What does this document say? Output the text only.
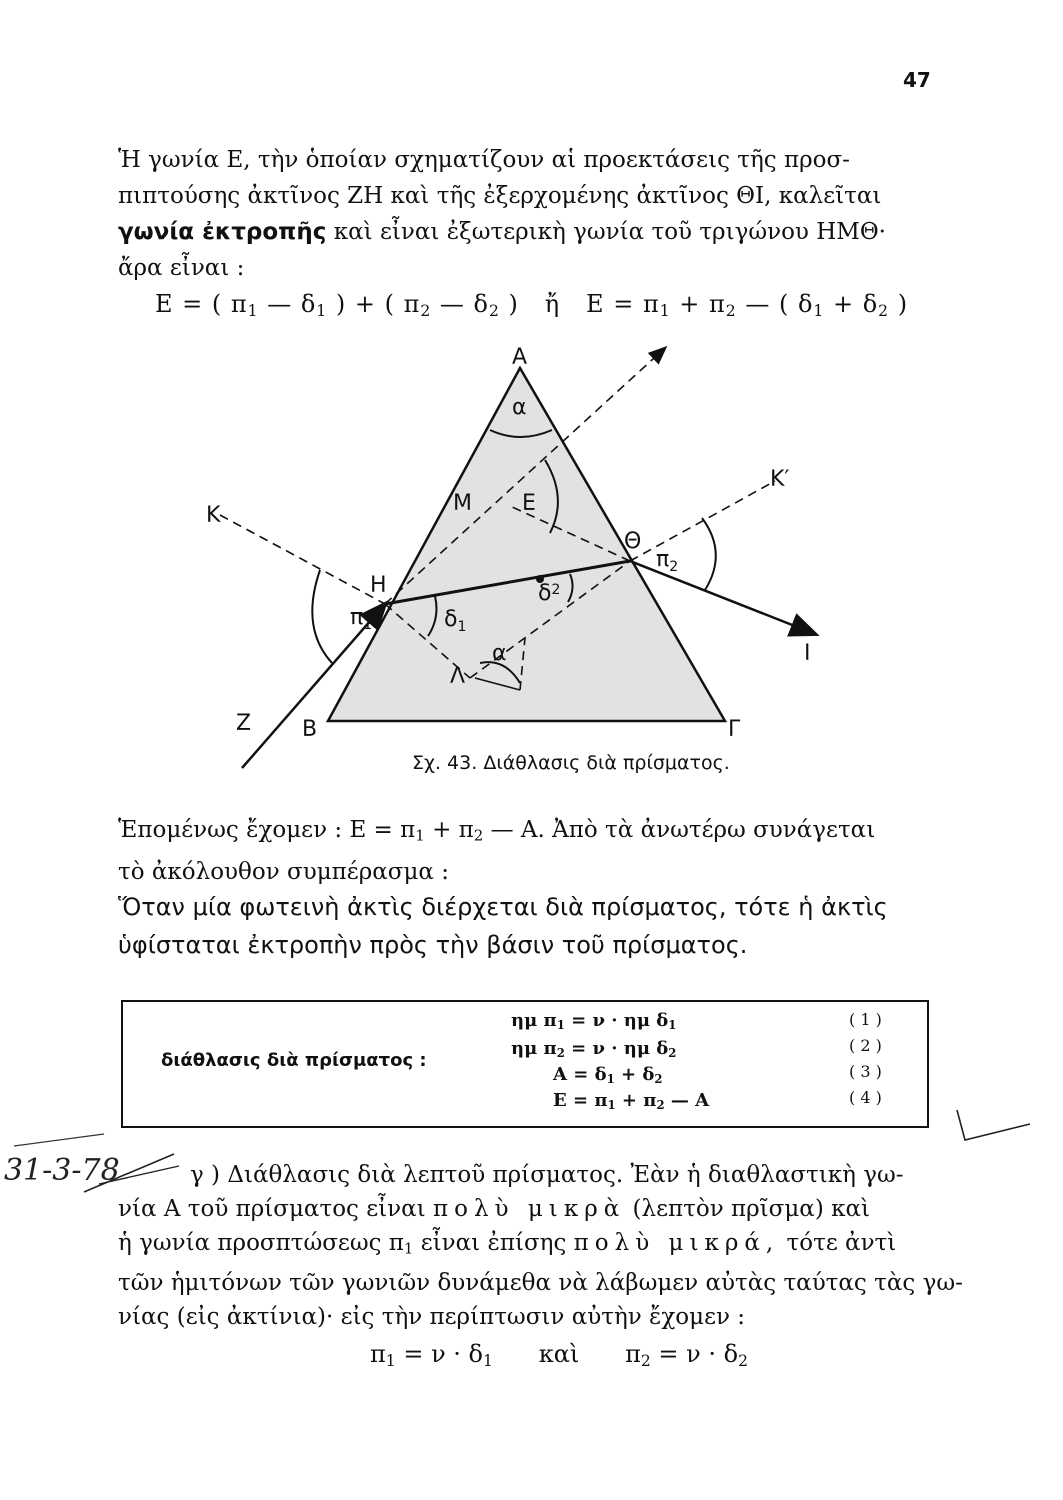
47

Ἡ γωνία Ε, τὴν ὁποίαν σχηματίζουν αἱ προεκτάσεις τῆς προσ-
πιπτούσης ἀκτῖνος ΖΗ καὶ τῆς ἐξερχομένης ἀκτῖνος ΘΙ, καλεῖται
γωνία ἐκτροπῆς καὶ εἶναι ἐξωτερικὴ γωνία τοῦ τριγώνου ΗΜΘ·
ἄρα εἶναι :

Ε = ( $\pi_1$ — $\delta_1$ ) + ( $\pi_2$ — $\delta_2$ )   ἤ   $E = \pi_1 + \pi_2$ — ( $\delta_1 + \delta_2$ )
Α
α
Μ Ε
Κ
Κ′
Η
$\pi_1$	$\delta_1$
$\delta^2$
Θ
$\pi_2$
Ι
Λ
α
Ζ Β	Γ
Σχ. 43. Διάθλασις διὰ πρίσματος.
Ἑπομένως ἔχομεν : $E = \pi_1 + \pi_2$ — Α. Ἀπὸ τὰ ἀνωτέρω συνάγεται
τὸ ἀκόλουθον συμπέρασμα :
Ὅταν μία φωτεινὴ ἀκτὶς διέρχεται διὰ πρίσματος, τότε ἡ ἀκτὶς
ὑφίσταται ἐκτροπὴν πρὸς τὴν βάσιν τοῦ πρίσματος.
διάθλασις διὰ πρίσματος :
ημ $\pi_1 = \nu \cdot \eta\mu$ $\delta_1$	( 1 )
ημ $\pi_2 = \nu \cdot \eta\mu$ $\delta_2$	( 2 )
$A = \delta_1 + \delta_2$	( 3 )
$E = \pi_1 + \pi_2$ — Α	( 4 )
31-3-78	γ ) Διάθλασις διὰ λεπτοῦ πρίσματος. Ἐὰν ἡ διαθλαστικὴ γω-
νία Α τοῦ πρίσματος εἶναι πολὺ μικρὰ (λεπτὸν πρῖσμα) καὶ
ἡ γωνία προσπτώσεως $\pi_1$ εἶναι ἐπίσης πολὺ μικρά, τότε ἀντὶ
τῶν ἡμιτόνων τῶν γωνιῶν δυνάμεθα νὰ λάβωμεν αὐτὰς ταύτας τὰς γω-
νίας (εἰς ἀκτίνια)· εἰς τὴν περίπτωσιν αὐτὴν ἔχομεν :
$\pi_1 = \nu \cdot \delta_1$      καὶ      $\pi_2 = \nu \cdot \delta_2$
